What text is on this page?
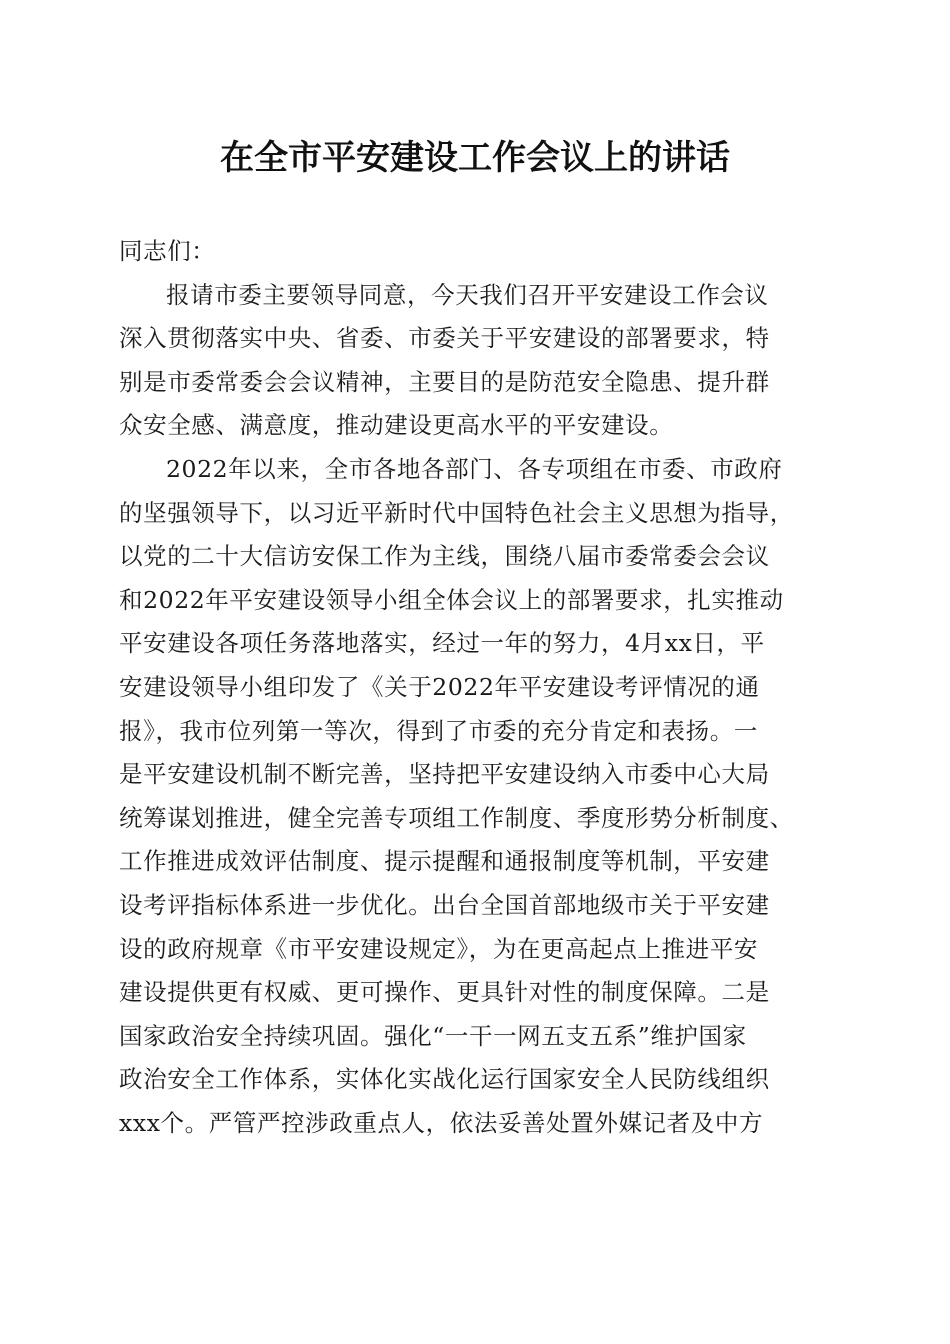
在全市平安建设工作会议上的讲话

同志们：

报请市委主要领导同意，今天我们召开平安建设工作会议
深入贯彻落实中央、省委、市委关于平安建设的部署要求，特
别是市委常委会会议精神，主要目的是防范安全隐患、提升群
众安全感、满意度，推动建设更高水平的平安建设。

2022年以来，全市各地各部门、各专项组在市委、市政府
的坚强领导下，以习近平新时代中国特色社会主义思想为指导，
以党的二十大信访安保工作为主线，围绕八届市委常委会会议
和2022年平安建设领导小组全体会议上的部署要求，扎实推动
平安建设各项任务落地落实，经过一年的努力，4月xx日，平
安建设领导小组印发了《关于2022年平安建设考评情况的通
报》，我市位列第一等次，得到了市委的充分肯定和表扬。一
是平安建设机制不断完善，坚持把平安建设纳入市委中心大局
统筹谋划推进，健全完善专项组工作制度、季度形势分析制度、
工作推进成效评估制度、提示提醒和通报制度等机制，平安建
设考评指标体系进一步优化。出台全国首部地级市关于平安建
设的政府规章《市平安建设规定》，为在更高起点上推进平安
建设提供更有权威、更可操作、更具针对性的制度保障。二是
国家政治安全持续巩固。强化“一干一网五支五系”维护国家
政治安全工作体系，实体化实战化运行国家安全人民防线组织
xxx个。严管严控涉政重点人，依法妥善处置外媒记者及中方
